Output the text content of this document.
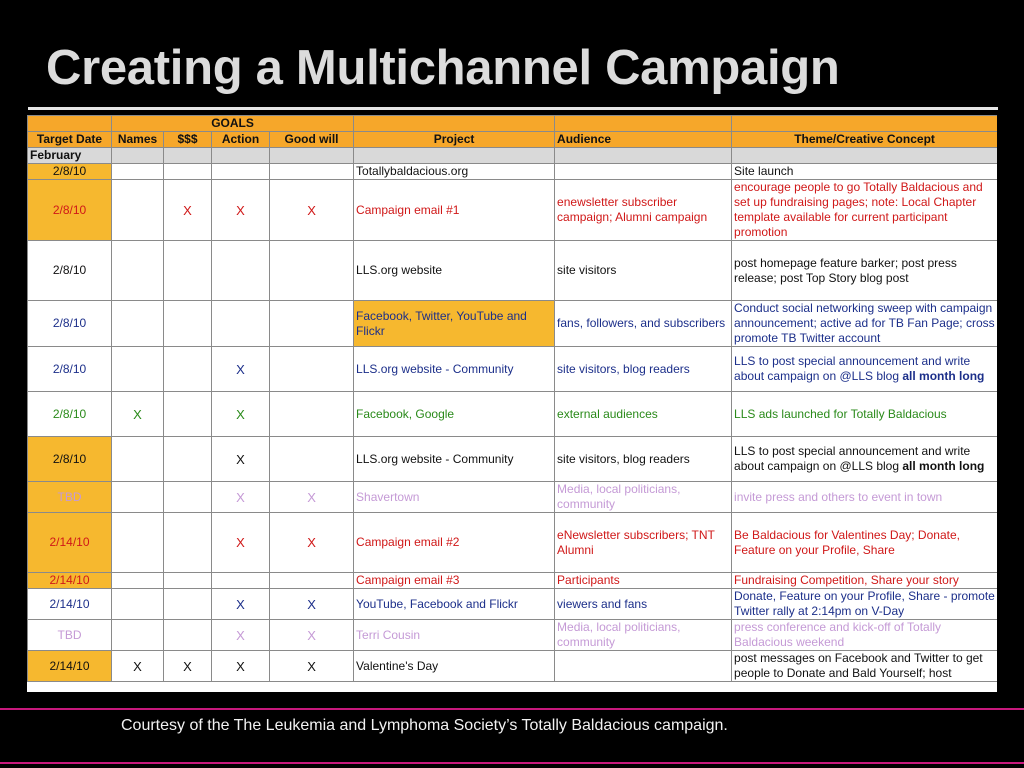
Creating a Multichannel Campaign
	GOALS						
Target Date	Names	$$$	Action	Good will	Project	Audience	Theme/Creative Concept
February							
2/8/10					Totallybaldacious.org		Site launch
2/8/10		X	X	X	Campaign email #1	enewsletter subscriber campaign; Alumni campaign	encourage people to go Totally Baldacious and set up fundraising pages; note: Local Chapter template available for current participant promotion
2/8/10					LLS.org website	site visitors	post homepage feature barker; post press release; post Top Story blog post
2/8/10					Facebook, Twitter, YouTube and Flickr	fans, followers, and subscribers	Conduct social networking sweep with campaign announcement; active ad for TB Fan Page; cross promote TB Twitter account
2/8/10			X		LLS.org website - Community	site visitors, blog readers	LLS to post special announcement and write about campaign on @LLS blog all month long
2/8/10	X		X		Facebook, Google	external audiences	LLS ads launched for Totally Baldacious
2/8/10			X		LLS.org website - Community	site visitors, blog readers	LLS to post special announcement and write about campaign on @LLS blog all month long
TBD			X	X	Shavertown	Media, local politicians, community	invite press and others to event in town
2/14/10			X	X	Campaign email #2	eNewsletter subscribers; TNT Alumni	Be Baldacious for Valentines Day; Donate, Feature on your Profile, Share
2/14/10					Campaign email #3	Participants	Fundraising Competition, Share your story
2/14/10			X	X	YouTube, Facebook and Flickr	viewers and fans	Donate, Feature on your Profile, Share - promote Twitter rally at 2:14pm on V-Day
TBD			X	X	Terri Cousin	Media, local politicians, community	press conference and kick-off of Totally Baldacious weekend
2/14/10	X	X	X	X	Valentine's Day		post messages on Facebook and Twitter to get people to Donate and Bald Yourself; host
Courtesy of the The Leukemia and Lymphoma Society’s Totally Baldacious campaign.
